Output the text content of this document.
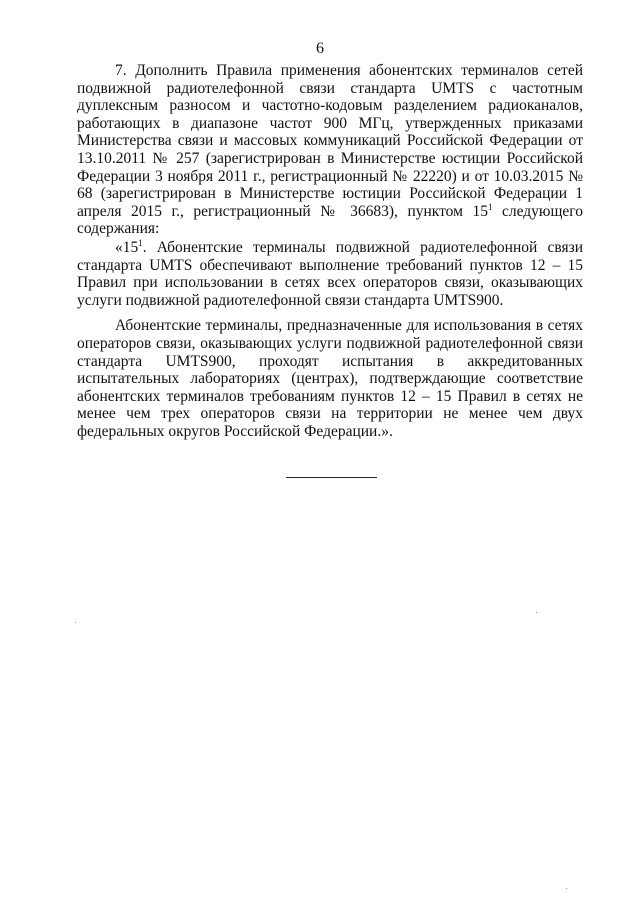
6

7. Дополнить Правила применения абонентских терминалов сетей подвижной радиотелефонной связи стандарта UMTS с частотным дуплексным разносом и частотно-кодовым разделением радиоканалов, работающих в диапазоне частот 900 МГц, утвержденных приказами Министерства связи и массовых коммуникаций Российской Федерации от 13.10.2011 № 257 (зарегистрирован в Министерстве юстиции Российской Федерации 3 ноября 2011 г., регистрационный № 22220) и от 10.03.2015 № 68 (зарегистрирован в Министерстве юстиции Российской Федерации 1 апреля 2015 г., регистрационный № 36683), пунктом $15^1$ следующего содержания:

«$15^1$. Абонентские терминалы подвижной радиотелефонной связи стандарта UMTS обеспечивают выполнение требований пунктов 12 – 15 Правил при использовании в сетях всех операторов связи, оказывающих услуги подвижной радиотелефонной связи стандарта UMTS900.

Абонентские терминалы, предназначенные для использования в сетях операторов связи, оказывающих услуги подвижной радиотелефонной связи стандарта UMTS900, проходят испытания в аккредитованных испытательных лабораториях (центрах), подтверждающие соответствие абонентских терминалов требованиям пунктов 12 – 15 Правил в сетях не менее чем трех операторов связи на территории не менее чем двух федеральных округов Российской Федерации.».
